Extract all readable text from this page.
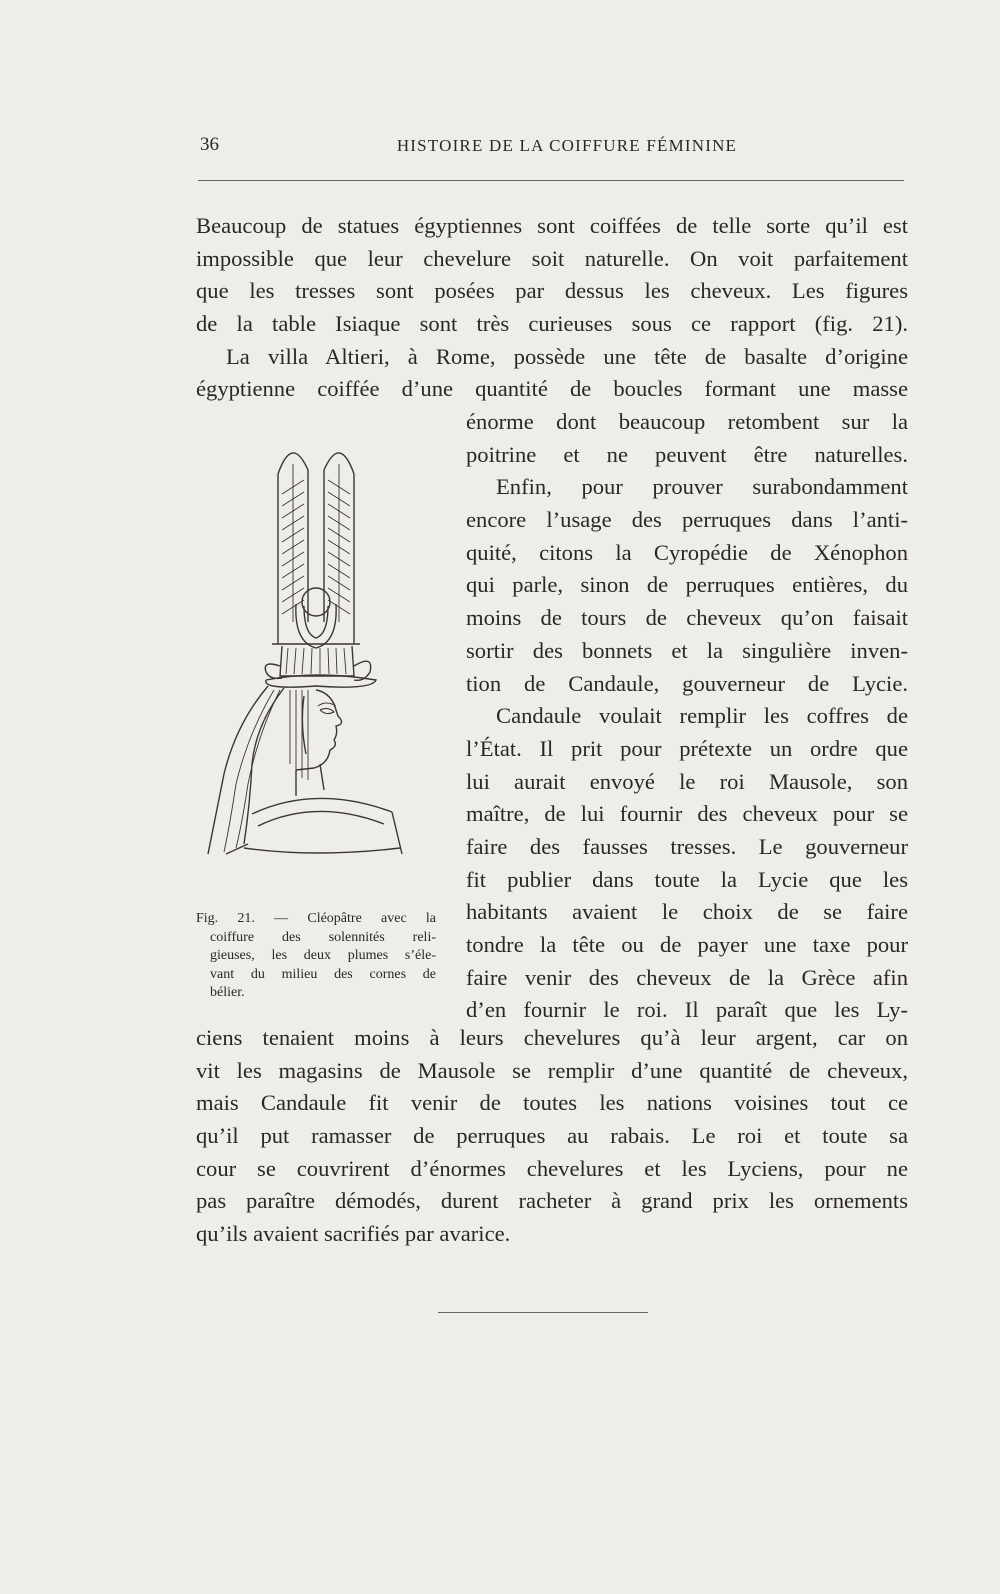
36	HISTOIRE DE LA COIFFURE FÉMININE
Beaucoup de statues égyptiennes sont coiffées de telle sorte qu’il est
impossible que leur chevelure soit naturelle. On voit parfaitement
que les tresses sont posées par dessus les cheveux. Les figures
de la table Isiaque sont très curieuses sous ce rapport (fig. 21).
La villa Altieri, à Rome, possède une tête de basalte d’origine
égyptienne coiffée d’une quantité de boucles formant une masse
énorme dont beaucoup retombent sur la
poitrine et ne peuvent être naturelles.
Enfin, pour prouver surabondamment
encore l’usage des perruques dans l’anti-
quité, citons la Cyropédie de Xénophon
qui parle, sinon de perruques entières, du
moins de tours de cheveux qu’on faisait
sortir des bonnets et la singulière inven-
tion de Candaule, gouverneur de Lycie.
Candaule voulait remplir les coffres de
l’État. Il prit pour prétexte un ordre que
lui aurait envoyé le roi Mausole, son
maître, de lui fournir des cheveux pour se
faire des fausses tresses. Le gouverneur
fit publier dans toute la Lycie que les
habitants avaient le choix de se faire
tondre la tête ou de payer une taxe pour
faire venir des cheveux de la Grèce afin
d’en fournir le roi. Il paraît que les Ly-
Fig. 21. — Cléopâtre avec la
coiffure des solennités reli-
gieuses, les deux plumes s’éle-
vant du milieu des cornes de
bélier.
ciens tenaient moins à leurs chevelures qu’à leur argent, car on
vit les magasins de Mausole se remplir d’une quantité de cheveux,
mais Candaule fit venir de toutes les nations voisines tout ce
qu’il put ramasser de perruques au rabais. Le roi et toute sa
cour se couvrirent d’énormes chevelures et les Lyciens, pour ne
pas paraître démodés, durent racheter à grand prix les ornements
qu’ils avaient sacrifiés par avarice.
